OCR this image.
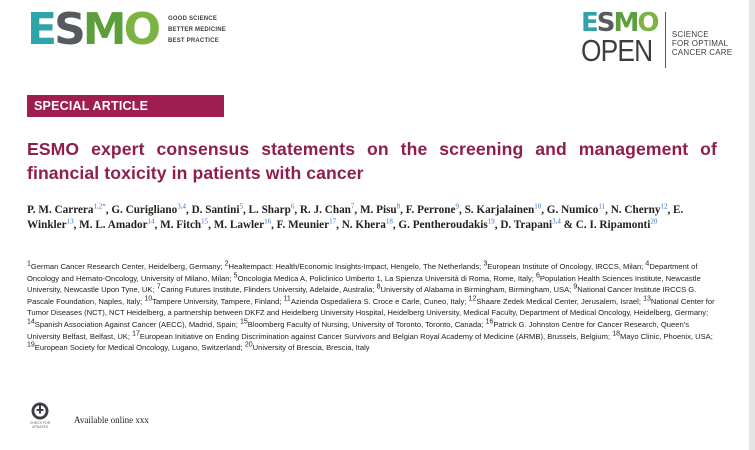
E S M O GOOD SCIENCE
BETTER MEDICINE
BEST PRACTICE
ESMO
OPEN SCIENCE
FOR OPTIMAL
CANCER CARE
SPECIAL ARTICLE
ESMO expert consensus statements on the screening and management of financial toxicity in patients with cancer
P. M. Carrera$^{1,2*}$, G. Curigliano$^{3,4}$, D. Santini$^5$, L. Sharp$^6$, R. J. Chan$^7$, M. Pisu$^8$, F. Perrone$^9$, S. Karjalainen$^{10}$, G. Numico$^{11}$, N. Cherny$^{12}$, E. Winkler$^{13}$, M. L. Amador$^{14}$, M. Fitch$^{15}$, M. Lawler$^{16}$, F. Meunier$^{17}$, N. Khera$^{18}$, G. Pentheroudakis$^{19}$, D. Trapani$^{3,4}$ & C. I. Ripamonti$^{20}$
$^1$German Cancer Research Center, Heidelberg, Germany; $^2$Healtempact: Health/Economic Insights-Impact, Hengelo, The Netherlands; $^3$European Institute of Oncology, IRCCS, Milan; $^4$Department of Oncology and Hemato-Oncology, University of Milano, Milan; $^5$Oncologia Medica A, Policlinico Umberto 1, La Spienza Università di Roma, Rome, Italy; $^6$Population Health Sciences Institute, Newcastle University, Newcastle Upon Tyne, UK; $^7$Caring Futures Institute, Flinders University, Adelaide, Australia; $^8$University of Alabama in Birmingham, Birmingham, USA; $^9$National Cancer Institute IRCCS G. Pascale Foundation, Naples, Italy; $^{10}$Tampere University, Tampere, Finland; $^{11}$Azienda Ospedaliera S. Croce e Carle, Cuneo, Italy; $^{12}$Shaare Zedek Medical Center, Jerusalem, Israel; $^{13}$National Center for Tumor Diseases (NCT), NCT Heidelberg, a partnership between DKFZ and Heidelberg University Hospital, Heidelberg University, Medical Faculty, Department of Medical Oncology, Heidelberg, Germany; $^{14}$Spanish Association Against Cancer (AECC), Madrid, Spain; $^{15}$Bloomberg Faculty of Nursing, University of Toronto, Toronto, Canada; $^{16}$Patrick G. Johnston Centre for Cancer Research, Queen’s University Belfast, Belfast, UK; $^{17}$European Initiative on Ending Discrimination against Cancer Survivors and Belgian Royal Academy of Medicine (ARMB), Brussels, Belgium; $^{18}$Mayo Clinic, Phoenix, USA; $^{19}$European Society for Medical Oncology, Lugano, Switzerland; $^{20}$University of Brescia, Brescia, Italy
CHECK FOR UPDATES
Available online xxx
